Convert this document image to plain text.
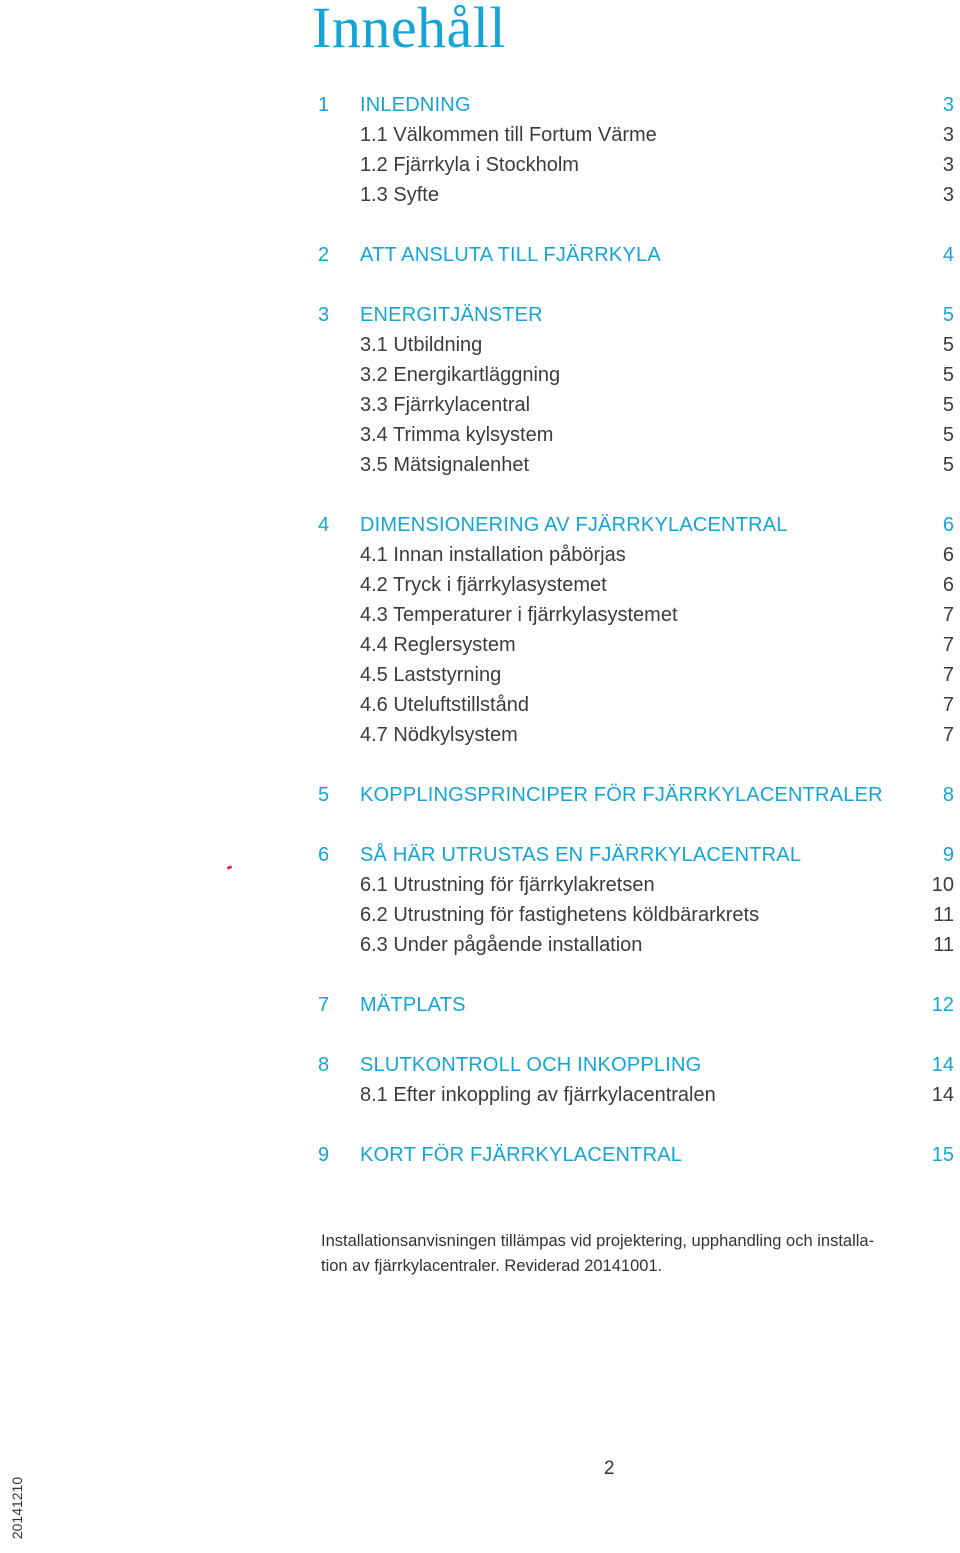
Innehåll
1 INLEDNING	3
1.1 Välkommen till Fortum Värme	3
1.2 Fjärrkyla i Stockholm	3
1.3 Syfte	3
2 ATT ANSLUTA TILL FJÄRRKYLA	4
3 ENERGITJÄNSTER	5
3.1 Utbildning	5
3.2 Energikartläggning	5
3.3 Fjärrkylacentral	5
3.4 Trimma kylsystem	5
3.5 Mätsignalenhet	5
4 DIMENSIONERING AV FJÄRRKYLACENTRAL	6
4.1 Innan installation påbörjas	6
4.2 Tryck i fjärrkylasystemet	6
4.3 Temperaturer i fjärrkylasystemet	7
4.4 Reglersystem	7
4.5 Laststyrning	7
4.6 Uteluftstillstånd	7
4.7 Nödkylsystem	7
5 KOPPLINGSPRINCIPER FÖR FJÄRRKYLACENTRALER	8
6 SÅ HÄR UTRUSTAS EN FJÄRRKYLACENTRAL	9
6.1 Utrustning för fjärrkylakretsen	10
6.2 Utrustning för fastighetens köldbärarkrets	11
6.3 Under pågående installation	11
7 MÄTPLATS	12
8 SLUTKONTROLL OCH INKOPPLING	14
8.1 Efter inkoppling av fjärrkylacentralen	14
9 KORT FÖR FJÄRRKYLACENTRAL	15
Installationsanvisningen tillämpas vid projektering, upphandling och installa-
tion av fjärrkylacentraler. Reviderad 20141001.
2
20141210
